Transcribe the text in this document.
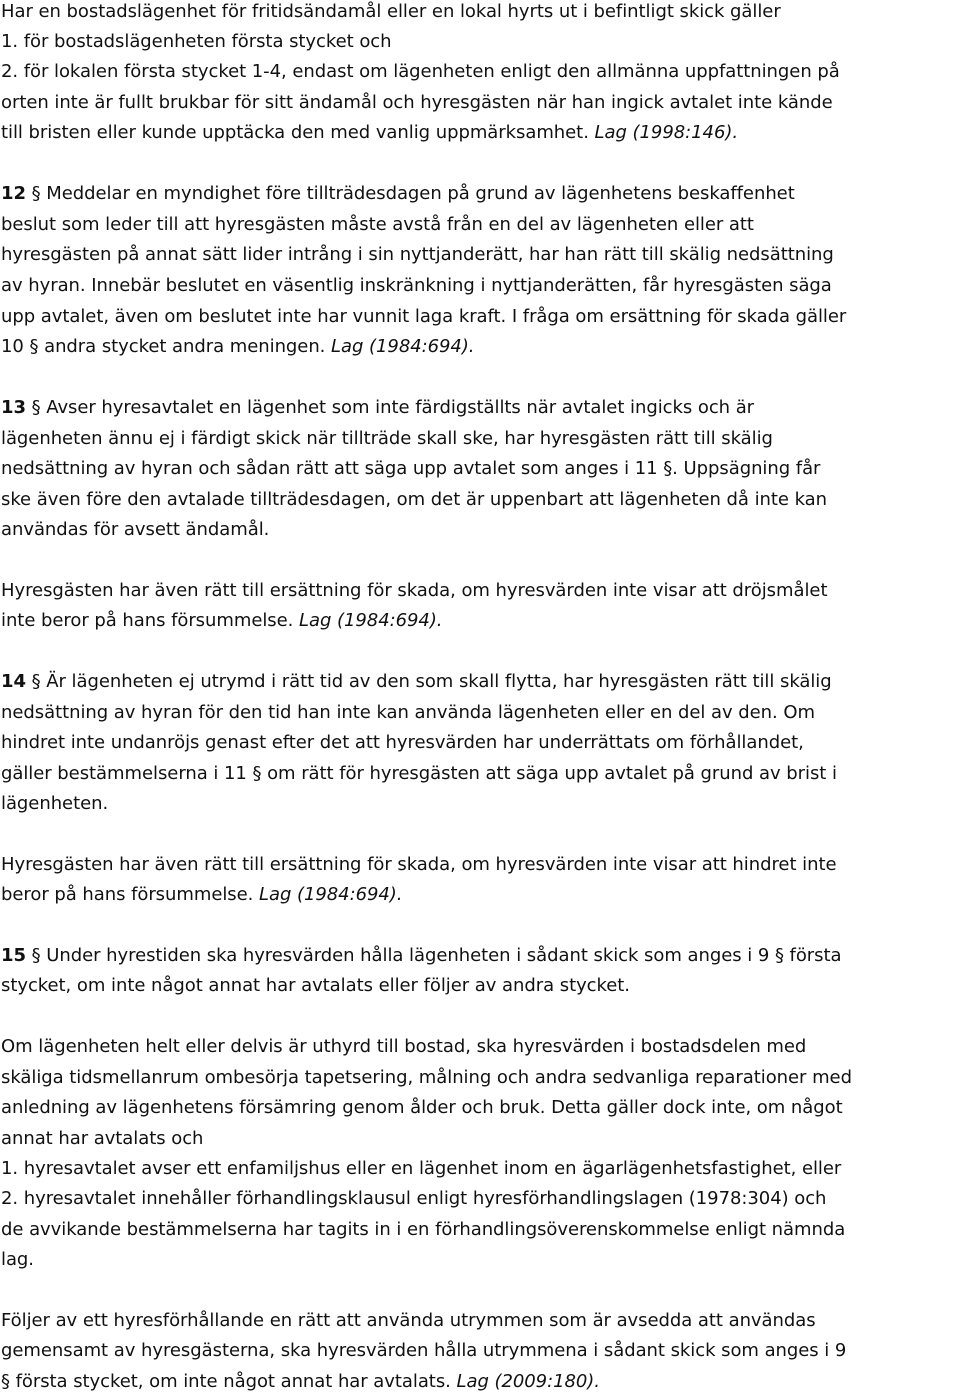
Har en bostadslägenhet för fritidsändamål eller en lokal hyrts ut i befintligt skick gäller
1. för bostadslägenheten första stycket och
2. för lokalen första stycket 1-4, endast om lägenheten enligt den allmänna uppfattningen på
orten inte är fullt brukbar för sitt ändamål och hyresgästen när han ingick avtalet inte kände
till bristen eller kunde upptäcka den med vanlig uppmärksamhet. Lag (1998:146).
12 § Meddelar en myndighet före tillträdesdagen på grund av lägenhetens beskaffenhet
beslut som leder till att hyresgästen måste avstå från en del av lägenheten eller att
hyresgästen på annat sätt lider intrång i sin nyttjanderätt, har han rätt till skälig nedsättning
av hyran. Innebär beslutet en väsentlig inskränkning i nyttjanderätten, får hyresgästen säga
upp avtalet, även om beslutet inte har vunnit laga kraft. I fråga om ersättning för skada gäller
10 § andra stycket andra meningen. Lag (1984:694).
13 § Avser hyresavtalet en lägenhet som inte färdigställts när avtalet ingicks och är
lägenheten ännu ej i färdigt skick när tillträde skall ske, har hyresgästen rätt till skälig
nedsättning av hyran och sådan rätt att säga upp avtalet som anges i 11 §. Uppsägning får
ske även före den avtalade tillträdesdagen, om det är uppenbart att lägenheten då inte kan
användas för avsett ändamål.
Hyresgästen har även rätt till ersättning för skada, om hyresvärden inte visar att dröjsmålet
inte beror på hans försummelse. Lag (1984:694).
14 § Är lägenheten ej utrymd i rätt tid av den som skall flytta, har hyresgästen rätt till skälig
nedsättning av hyran för den tid han inte kan använda lägenheten eller en del av den. Om
hindret inte undanröjs genast efter det att hyresvärden har underrättats om förhållandet,
gäller bestämmelserna i 11 § om rätt för hyresgästen att säga upp avtalet på grund av brist i
lägenheten.
Hyresgästen har även rätt till ersättning för skada, om hyresvärden inte visar att hindret inte
beror på hans försummelse. Lag (1984:694).
15 § Under hyrestiden ska hyresvärden hålla lägenheten i sådant skick som anges i 9 § första
stycket, om inte något annat har avtalats eller följer av andra stycket.
Om lägenheten helt eller delvis är uthyrd till bostad, ska hyresvärden i bostadsdelen med
skäliga tidsmellanrum ombesörja tapetsering, målning och andra sedvanliga reparationer med
anledning av lägenhetens försämring genom ålder och bruk. Detta gäller dock inte, om något
annat har avtalats och
1. hyresavtalet avser ett enfamiljshus eller en lägenhet inom en ägarlägenhetsfastighet, eller
2. hyresavtalet innehåller förhandlingsklausul enligt hyresförhandlingslagen (1978:304) och
de avvikande bestämmelserna har tagits in i en förhandlingsöverenskommelse enligt nämnda
lag.
Följer av ett hyresförhållande en rätt att använda utrymmen som är avsedda att användas
gemensamt av hyresgästerna, ska hyresvärden hålla utrymmena i sådant skick som anges i 9
§ första stycket, om inte något annat har avtalats. Lag (2009:180).
